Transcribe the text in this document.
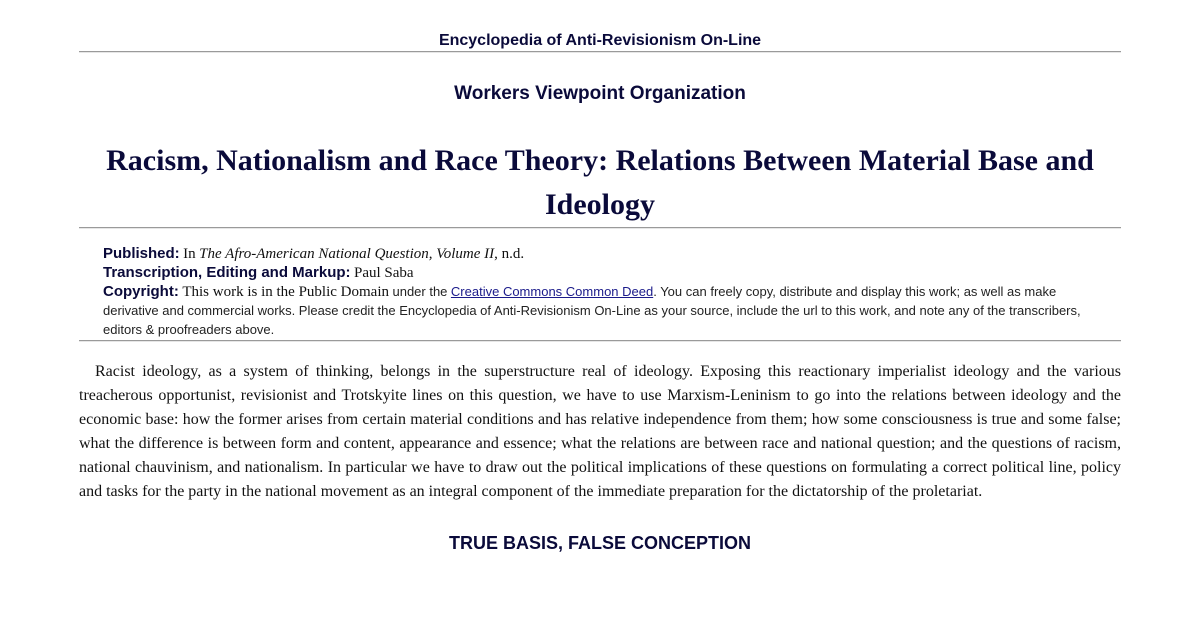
Encyclopedia of Anti-Revisionism On-Line
Workers Viewpoint Organization
Racism, Nationalism and Race Theory: Relations Between Material Base and Ideology

Published: In The Afro-American National Question, Volume II, n.d.

Transcription, Editing and Markup: Paul Saba

Copyright: This work is in the Public Domain under the Creative Commons Common Deed. You can freely copy, distribute and display this work; as well as make derivative and commercial works. Please credit the Encyclopedia of Anti-Revisionism On-Line as your source, include the url to this work, and note any of the transcribers, editors & proofreaders above.

Racist ideology, as a system of thinking, belongs in the superstructure real of ideology. Exposing this reactionary imperialist ideology and the various treacherous opportunist, revisionist and Trotskyite lines on this question, we have to use Marxism-Leninism to go into the relations between ideology and the economic base: how the former arises from certain material conditions and has relative independence from them; how some consciousness is true and some false; what the difference is between form and content, appearance and essence; what the relations are between race and national question; and the questions of racism, national chauvinism, and nationalism. In particular we have to draw out the political implications of these questions on formulating a correct political line, policy and tasks for the party in the national movement as an integral component of the immediate preparation for the dictatorship of the proletariat.

TRUE BASIS, FALSE CONCEPTION
